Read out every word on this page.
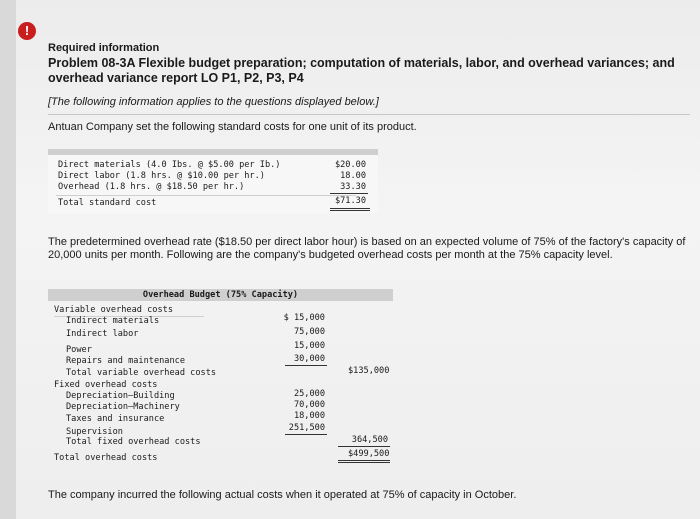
!
Required information
Problem 08-3A Flexible budget preparation; computation of materials, labor, and overhead variances; and overhead variance report LO P1, P2, P3, P4
[The following information applies to the questions displayed below.]
Antuan Company set the following standard costs for one unit of its product.
Direct materials (4.0 Ibs. @ $5.00 per Ib.)	$20.00
Direct labor (1.8 hrs. @ $10.00 per hr.)	18.00
Overhead (1.8 hrs. @ $18.50 per hr.)	33.30
Total standard cost	$71.30
The predetermined overhead rate ($18.50 per direct labor hour) is based on an expected volume of 75% of the factory's capacity of 20,000 units per month. Following are the company's budgeted overhead costs per month at the 75% capacity level.
Overhead Budget (75% Capacity)
Variable overhead costs
Indirect materials	$ 15,000
Indirect labor	75,000
Power	15,000
Repairs and maintenance	30,000
Total variable overhead costs	$135,000
Fixed overhead costs
Depreciation—Building	25,000
Depreciation—Machinery	70,000
Taxes and insurance	18,000
Supervision	251,500
Total fixed overhead costs	364,500
Total overhead costs	$499,500
The company incurred the following actual costs when it operated at 75% of capacity in October.
